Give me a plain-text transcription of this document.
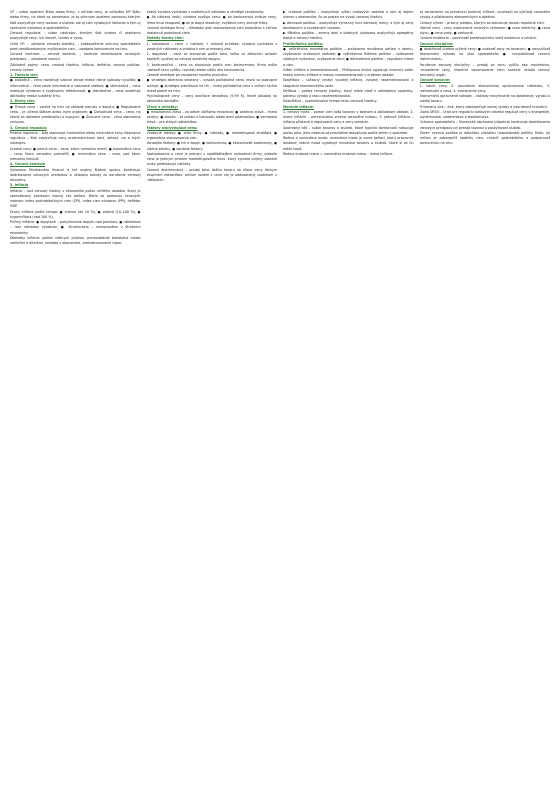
CP – súbor opatrení štátu alebo firmy, v ohľade ceny, je súčasťou HP štátu alebo firmy, na ktoré sa zameriava. Je to súhrnom opatrení pomocou ktorých štát ovplyvňuje ceny tovarov a služieb, ale aj cien výrobných faktorov a tým aj správanie výrobcov a spotrebiteľov.

Cenová regulácia – súbor nástrojov, ktorými štát priamo či nepriamo ovplyvňuje ceny, ich úroveň, tvorbu a vývoj.

Ciele CP: – udržanie cenovej stability, – zabezpečenie ochrany spotrebiteľa pred neodôvodneným zvyšovaním cien, – podpora konkurencie na trhu.

Cenová kontrola: – cenové konanie, – kontrola dodržiavania cenových predpisov, – ukladanie sankcií.

Základné pojmy: cena, cenová hladina, inflácia, deflácia, cenová politika, cenový výmer.

1. Funkcie cien

● alokačná – cena rozdeľuje vzácne zdroje medzi rôzne spôsoby využitia; ● informačná – cena nesie informácie o vzácnosti statkov; ● stimulačná – cena motivuje výrobcov k zvyšovaniu efektívnosti; ● distribučná – cena rozdeľuje dôchodky medzi subjekty trhu.

2. Druhy cien

● Trhová cena – vzniká na trhu na základe ponuky a dopytu; ● Regulovaná cena – je určená štátom alebo iným orgánom; ● Dohodnutá cena – cena, na ktorej sa dohodne predávajúci a kupujúci; ● Zmluvná cena – cena stanovená zmluvou.

3. Cenová regulácia

Priama regulácia – štát stanovuje maximálne alebo minimálne ceny. Nepriama regulácia – štát ovplyvňuje ceny prostredníctvom daní, dotácií, cla a iných nástrojov.

Úradné ceny: ● pevná cena – cena, ktorú nemožno meniť; ● maximálna cena – cena, ktorú nemožno prekročiť; ● minimálna cena – cena, pod ktorú nemožno klesnúť.

4. Cenová kontrola

Vykonáva Ministerstvo financií a iné orgány štátnej správy. Kontrolujú dodržiavanie cenových predpisov a ukladajú pokuty za porušenie cenovej disciplíny.

5. Inflácia

Inflácia – rast cenovej hladiny v ekonomike počas určitého obdobia, ktorý je sprevádzaný poklesom kúpnej sily peňazí. Meria sa pomocou cenových indexov: index spotrebiteľských cien (CPI), index cien výrobcov (PPI), deflátor HDP.

Druhy inflácie podľa tempa: ● mierna (do 10 %), ● pádivá (10–100 %), ● hyperinflácia (nad 100 %).

Príčiny inflácie: ● dopytová – prevyšovanie dopytu nad ponukou; ● nákladová – rast nákladov výrobcov; ● štrukturálna – nerovnováha v štruktúre ekonomiky.

Dôsledky inflácie: pokles reálnych príjmov, prerozdelenie bohatstva medzi veriteľmi a dlžníkmi, neistota v ekonomike, znehodnocovanie úspor.

Každý výrobca vychádza z rozdielnych nákladov a stratégií cenotvorby.

● Ak náklady rastú, výrobca zvyšuje cenu; ● ak konkurencia znižuje ceny, firma musí reagovať; ● ak je dopyt elastický, zvýšenie ceny znižuje tržby.

Cenová stratégia firmy – dlhodobý plán stanovovania cien produktov s cieľom dosiahnuť podnikové ciele.

Metódy tvorby cien:

1. nákladová – cena = náklady + zisková prirážka; výrobca vychádza z vlastných nákladov a pridáva k nim primeraný zisk.

2. dopytová – cena sa stanovuje podľa toho, koľko sú zákazníci ochotní zaplatiť; využíva sa cenová elasticita dopytu.

3. konkurenčná – cena sa stanovuje podľa cien konkurentov; firma môže nastaviť cenu vyššiu, rovnakú alebo nižšiu ako konkurencia.

Cenové stratégie pri zavádzaní nového produktu:

● stratégia zbierania smotany – vysoká počiatočná cena, ktorá sa postupne znižuje; ● stratégia prenikania na trh – nízka počiatočná cena s cieľom rýchlo získať podiel na trhu.

Psychologické ceny – ceny končiace deviatkou (9,99 €), ktoré pôsobia na zákazníka lacnejšie.

Zľavy a prirážky:

● množstevná zľava – za odber väčšieho množstva; ● sezónna zľava – mimo sezóny; ● skonto – za platbu v hotovosti alebo pred splatnosťou; ● vernostná zľava – pre stálych zákazníkov.

Faktory ovplyvňujúce cenu:

Vnútorné faktory: ● ciele firmy, ● náklady, ● marketingová stratégia, ● organizácia stanovovania cien.

Vonkajšie faktory: ● trh a dopyt, ● konkurencia, ● ekonomické podmienky, ● vládne zásahy, ● sociálne faktory.

Rozhodovanie o cene je jedným z najdôležitejších rozhodnutí firmy, pretože cena je jediným prvkom marketingového mixu, ktorý vytvára príjmy; ostatné prvky predstavujú náklady.

Cenová diskriminácia – predaj toho istého tovaru za rôzne ceny rôznym skupinám zákazníkov, pričom rozdiel v cene nie je odôvodnený rozdielom v nákladoch.

▶ úroková politika – ovplyvňuje výšku úrokových sadzieb a tým aj objem úverov v ekonomike, čo sa prejaví na vývoji cenovej hladiny.

▶ devízová politika – ovplyvňuje výmenný kurz domácej meny, a tým aj ceny dovážaných a vyvážaných tovarov.

▶ fiškálna politika – zmeny daní a vládnych výdavkov ovplyvňujú agregátny dopyt a cenovú hladinu.

Protiinflačná politika:

● reštriktívna monetárna politika – znižovanie množstva peňazí v obehu, zvyšovanie úrokových sadzieb; ● reštriktívna fiškálna politika – znižovanie vládnych výdavkov, zvyšovanie daní; ● dôchodková politika – regulácia miezd a cien.

Vzťah inflácie a nezamestnanosti – Phillipsova krivka vyjadruje inverzný vzťah medzi mierou inflácie a mierou nezamestnanosti v krátkom období.

Stagflácia – súčasný výskyt vysokej inflácie, vysokej nezamestnanosti a stagnácie ekonomického rastu.

Deflácia – pokles cenovej hladiny, ktorý môže viesť k odkladaniu spotreby, poklesu výroby a rastu nezamestnanosti.

Dezinflácia – spomaľovanie tempa rastu cenovej hladiny.

Meranie inflácie:

1. cenový index – pomer cien koša tovarov v bežnom a základnom období; 2. miera inflácie – percentuálna zmena cenového indexu; 3. jadrová inflácia – inflácia očistená o regulované ceny a ceny potravín.

Spotrebný kôš – súbor tovarov a služieb, ktoré typická domácnosť nakupuje počas roka; jeho zloženie sa pravidelne aktualizuje podľa zmien v spotrebe.

Reálna a nominálna mzda: nominálna mzda je suma peňazí, ktorú pracovník dostane; reálna mzda vyjadruje množstvo tovarov a služieb, ktoré si za ňu môže kúpiť.

Reálna úroková miera = nominálna úroková miera – miera inflácie.

so zameraním na prevenciu budúcej inflácie, využívajú sa výhľady cenového vývoja a očakávania ekonomických subjektov.

Cenový výmer – právny predpis, ktorým sa stanovuje rozsah regulácie cien.

Hlavné ceny – ceny ustanovené cenovým výmerom: ● cena elektriny, ● cena plynu, ● cena vody, ● cestovné.

Cenová evidencia – povinnosť predávajúceho viesť evidenciu o cenách.

Cenová disciplína:

● dodržiavať úradne určené ceny; ● uvádzať ceny na tovaroch; ● nevyužívať ekonomickú výhodu na úkor spotrebiteľa; ● neuplatňovať cenovú diskrimináciu.

Porušenie cenovej disciplíny – predaj za cenu vyššiu ako maximálna, neuvedenie ceny, klamlivé oznamovanie cien; sankcie ukladá cenový kontrolný orgán.

Cenové konanie:

1. návrh ceny, 2. posúdenie ekonomickej oprávnenosti nákladov, 3. rozhodnutie o cene, 4. zverejnenie ceny.

Ekonomicky oprávnené náklady – náklady nevyhnutné na obstaranie, výrobu a predaj tovaru.

Primeraný zisk – zisk, ktorý zabezpečuje rozvoj výroby a návratnosť investícií.

Úloha ÚRSO – Úrad pre reguláciu sieťových odvetví reguluje ceny v energetike, plynárenstve, vodárenstve a teplárenstve.

Ochrana spotrebiteľa – Slovenská obchodná inšpekcia kontroluje dodržiavanie cenových predpisov pri predaji tovarov a poskytovaní služieb.

Záver: cenová politika je dôležitou súčasťou hospodárskej politiky štátu; jej cieľom je zabezpečiť stabilitu cien, chrániť spotrebiteľov a podporovať konkurenciu na trhu.
